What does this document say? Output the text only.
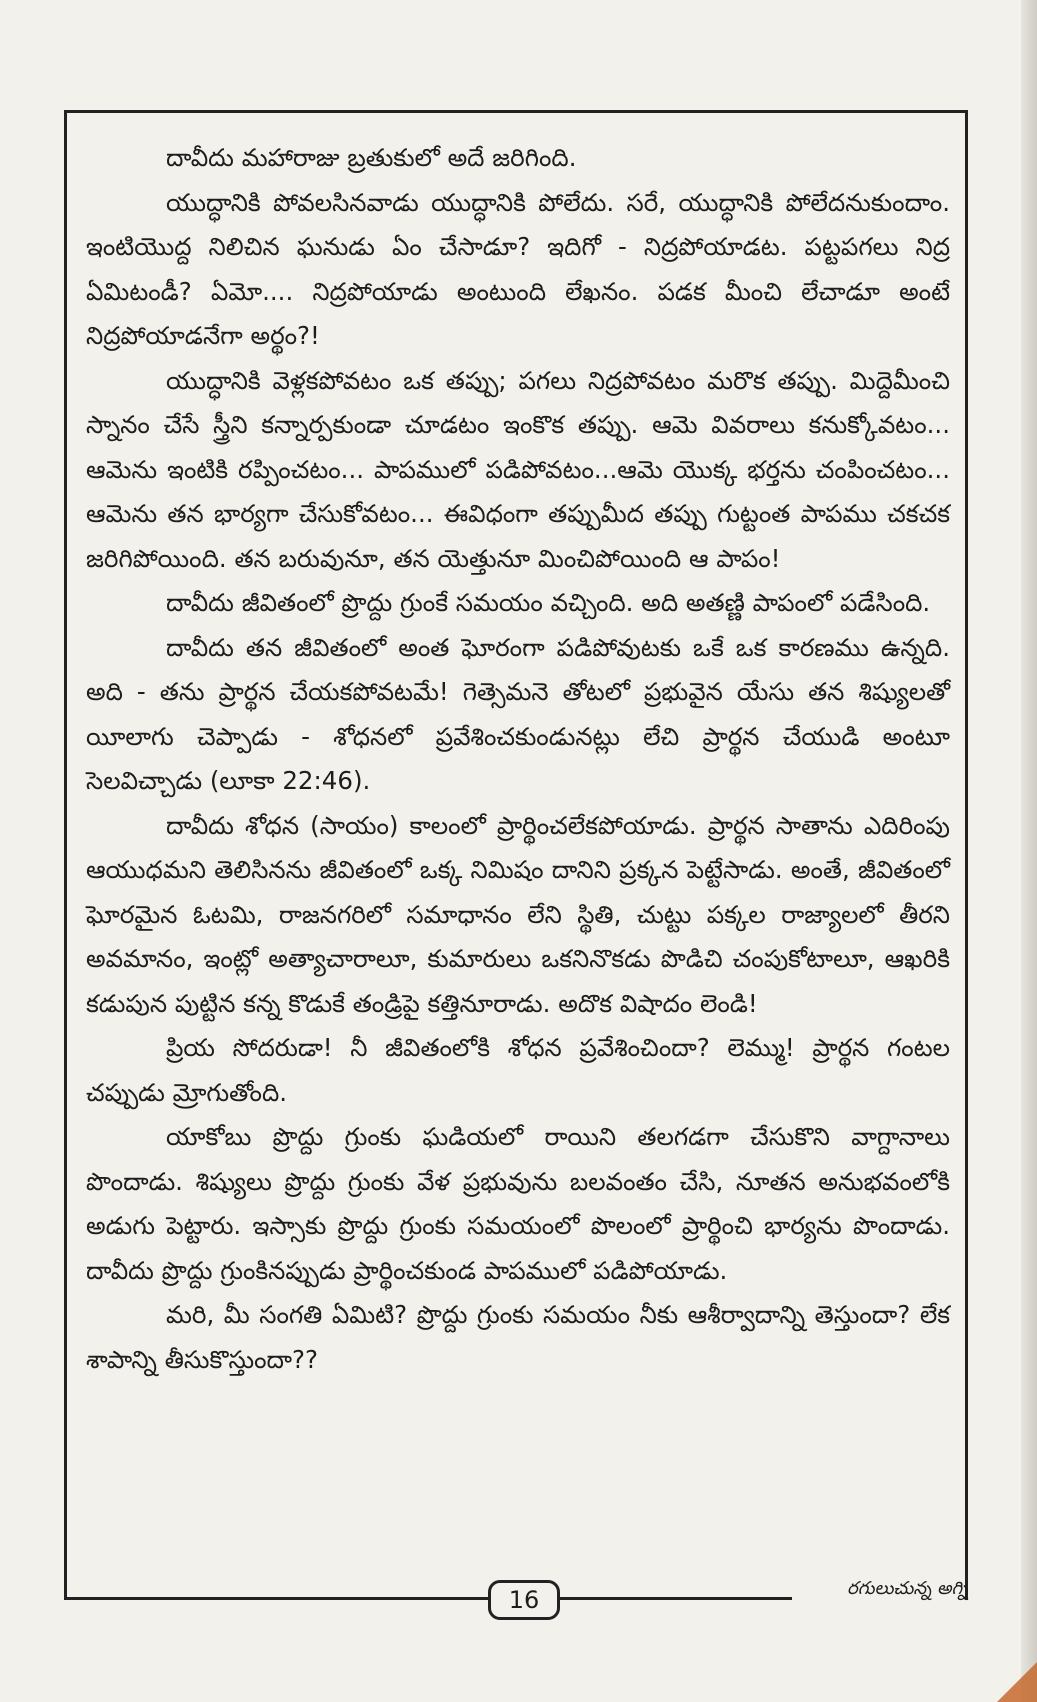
దావీదు మహారాజు బ్రతుకులో అదే జరిగింది.

యుద్ధానికి పోవలసినవాడు యుద్ధానికి పోలేదు. సరే, యుద్ధానికి పోలేదనుకుందాం. ఇంటియొద్ద నిలిచిన ఘనుడు ఏం చేసాడూ? ఇదిగో - నిద్రపోయాడట. పట్టపగలు నిద్ర ఏమిటండీ? ఏమో.... నిద్రపోయాడు అంటుంది లేఖనం. పడక మీంచి లేచాడూ అంటే నిద్రపోయాడనేగా అర్థం?!

యుద్ధానికి వెళ్లకపోవటం ఒక తప్పు; పగలు నిద్రపోవటం మరొక తప్పు. మిద్దెమీంచి స్నానం చేసే స్త్రీని కన్నార్పకుండా చూడటం ఇంకొక తప్పు. ఆమె వివరాలు కనుక్కోవటం... ఆమెను ఇంటికి రప్పించటం... పాపములో పడిపోవటం...ఆమె యొక్క భర్తను చంపించటం... ఆమెను తన భార్యగా చేసుకోవటం... ఈవిధంగా తప్పుమీద తప్పు గుట్టంత పాపము చకచక జరిగిపోయింది. తన బరువునూ, తన యెత్తునూ మించిపోయింది ఆ పాపం!

దావీదు జీవితంలో ప్రొద్దు గ్రుంకే సమయం వచ్చింది. అది అతణ్ణి పాపంలో పడేసింది.

దావీదు తన జీవితంలో అంత ఘోరంగా పడిపోవుటకు ఒకే ఒక కారణము ఉన్నది. అది - తను ప్రార్థన చేయకపోవటమే! గెత్సెమనె తోటలో ప్రభువైన యేసు తన శిష్యులతో యీలాగు చెప్పాడు - శోధనలో ప్రవేశించకుండునట్లు లేచి ప్రార్థన చేయుడి అంటూ సెలవిచ్చాడు (లూకా 22:46).

దావీదు శోధన (సాయం) కాలంలో ప్రార్థించలేకపోయాడు. ప్రార్థన సాతాను ఎదిరింపు ఆయుధమని తెలిసినను జీవితంలో ఒక్క నిమిషం దానిని ప్రక్కన పెట్టేసాడు. అంతే, జీవితంలో ఘోరమైన ఓటమి, రాజనగరిలో సమాధానం లేని స్థితి, చుట్టు పక్కల రాజ్యాలలో తీరని అవమానం, ఇంట్లో అత్యాచారాలూ, కుమారులు ఒకనినొకడు పొడిచి చంపుకోటాలూ, ఆఖరికి కడుపున పుట్టిన కన్న కొడుకే తండ్రిపై కత్తినూరాడు. అదొక విషాదం లెండి!

ప్రియ సోదరుడా! నీ జీవితంలోకి శోధన ప్రవేశించిందా? లెమ్ము! ప్రార్థన గంటల చప్పుడు మ్రోగుతోంది.

యాకోబు ప్రొద్దు గ్రుంకు ఘడియలో రాయిని తలగడగా చేసుకొని వాగ్దానాలు పొందాడు. శిష్యులు ప్రొద్దు గ్రుంకు వేళ ప్రభువును బలవంతం చేసి, నూతన అనుభవంలోకి అడుగు పెట్టారు. ఇస్సాకు ప్రొద్దు గ్రుంకు సమయంలో పొలంలో ప్రార్థించి భార్యను పొందాడు. దావీదు ప్రొద్దు గ్రుంకినప్పుడు ప్రార్థించకుండ పాపములో పడిపోయాడు.

మరి, మీ సంగతి ఏమిటి? ప్రొద్దు గ్రుంకు సమయం నీకు ఆశీర్వాదాన్ని తెస్తుందా? లేక శాపాన్ని తీసుకొస్తుందా??

16	రగులుచున్న అగ్ని
